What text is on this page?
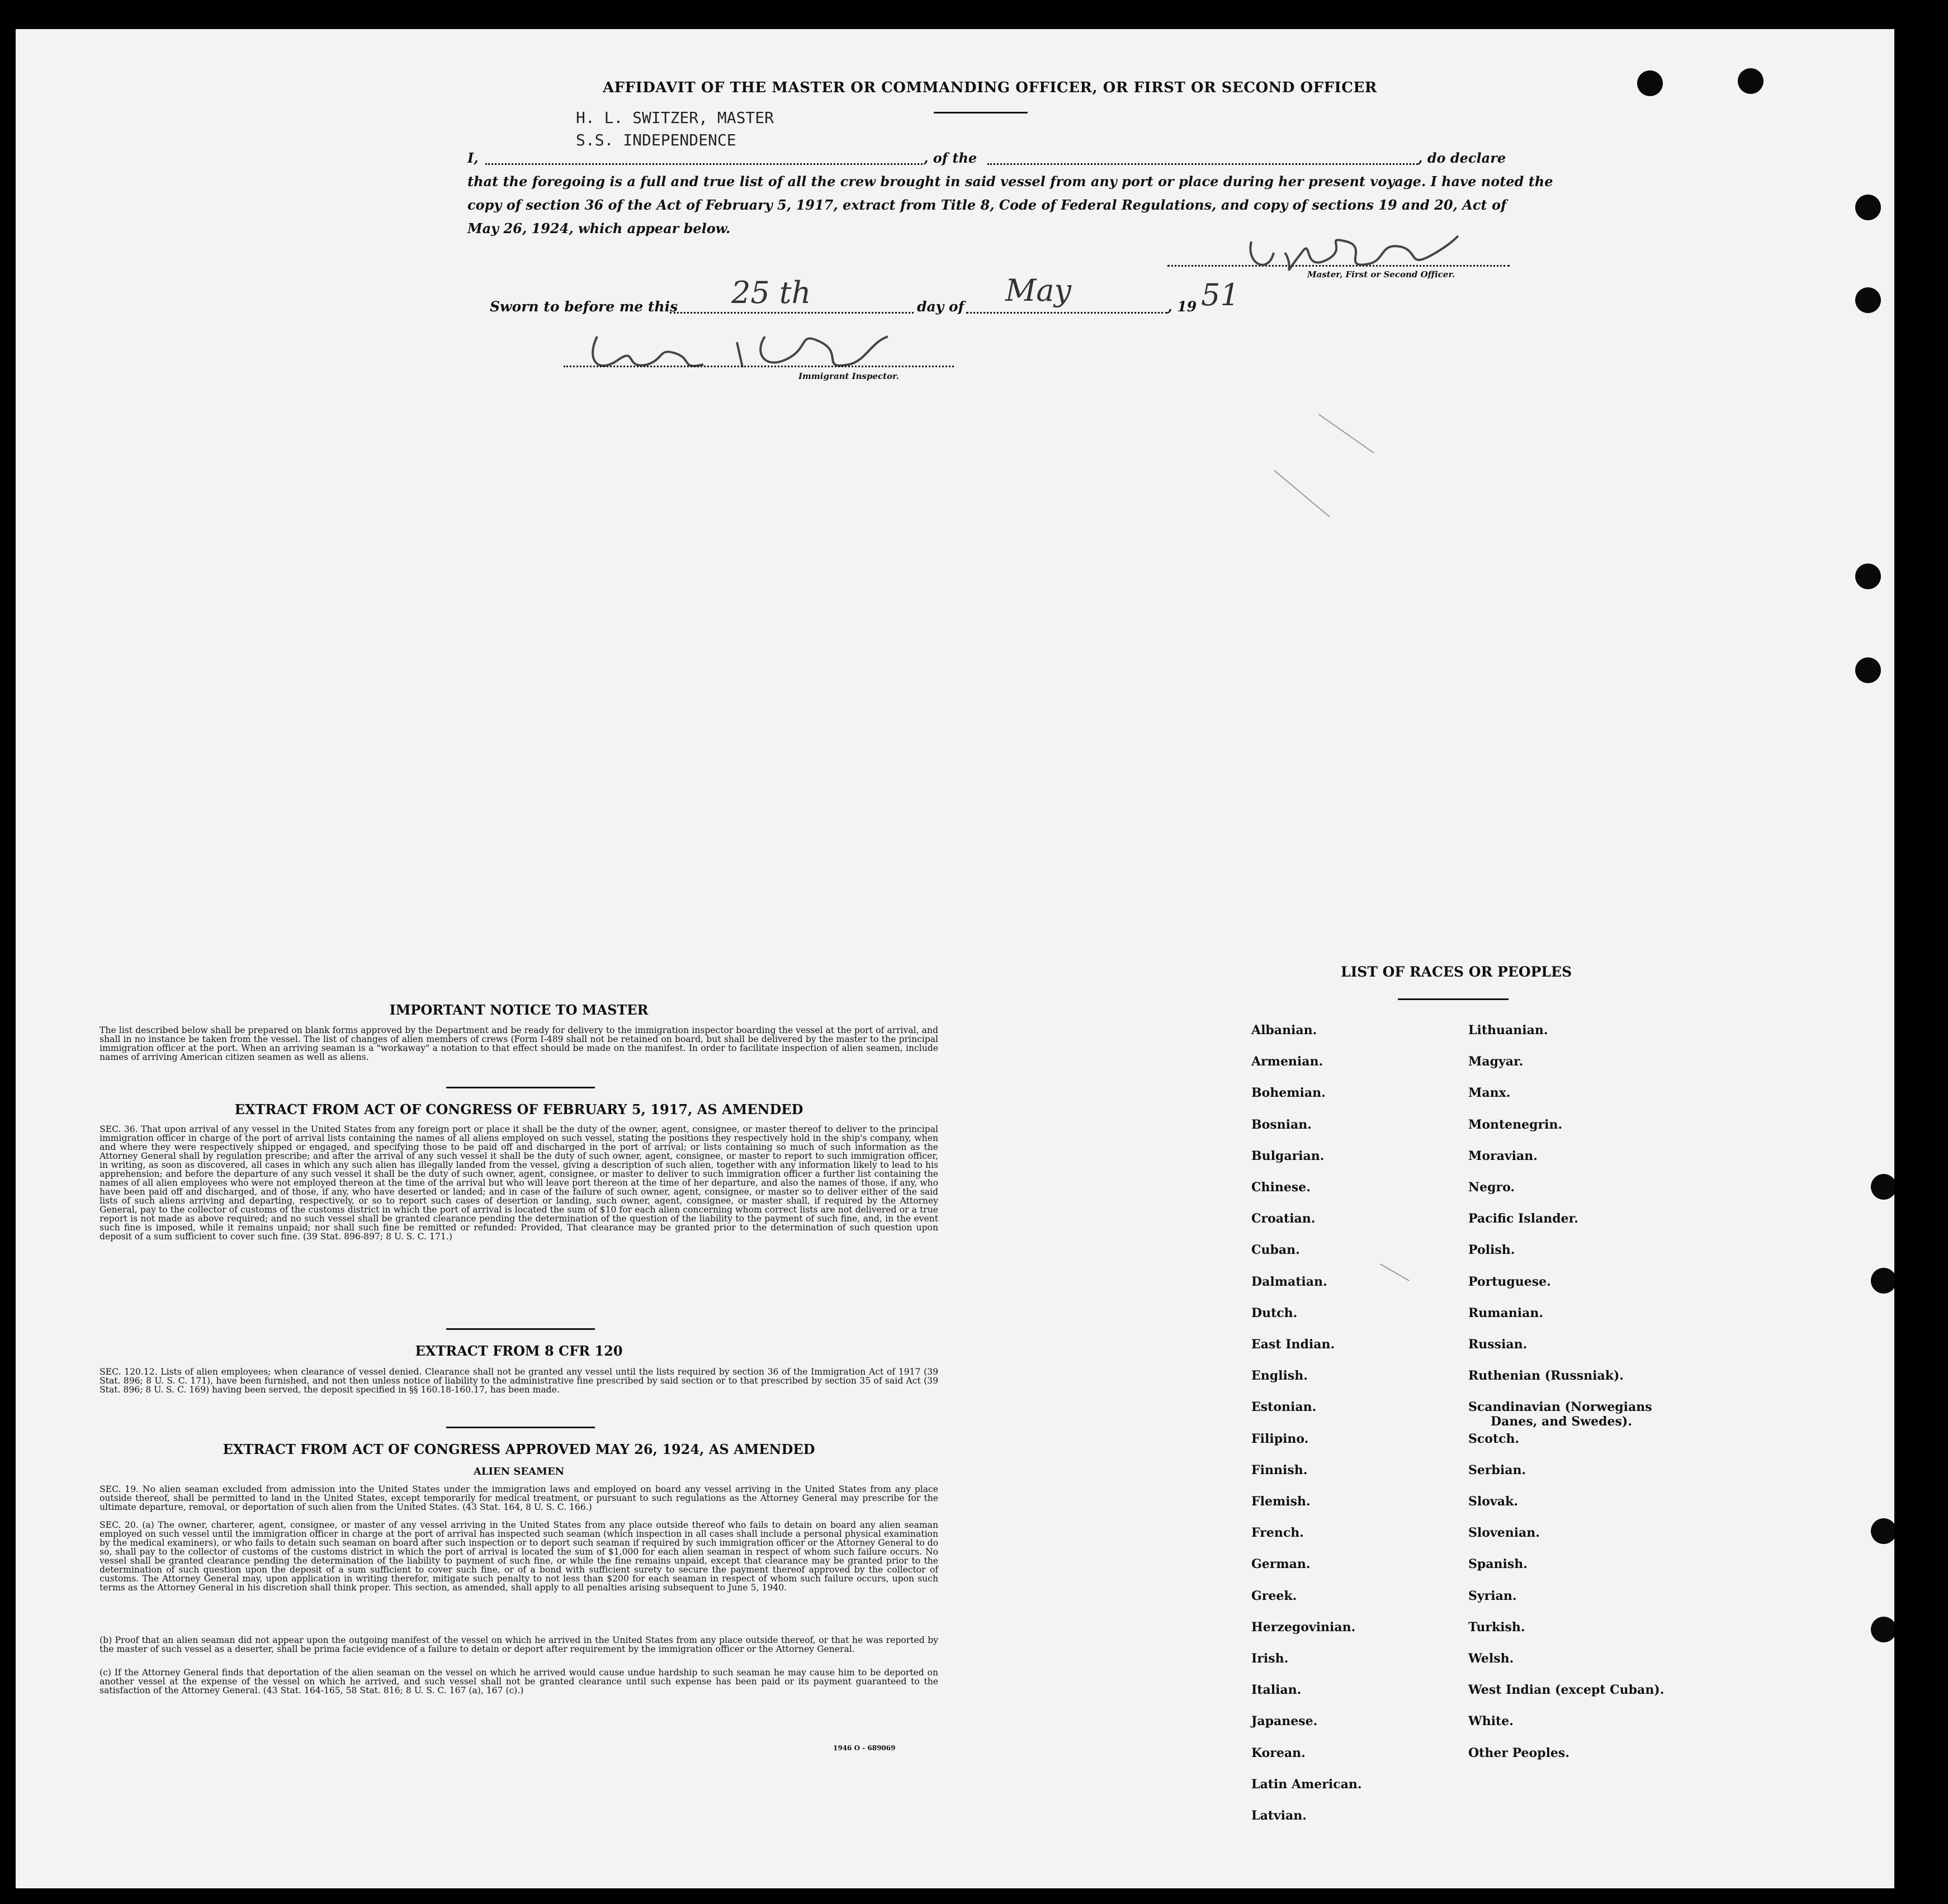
AFFIDAVIT OF THE MASTER OR COMMANDING OFFICER, OR FIRST OR SECOND OFFICER
H. L. SWITZER, MASTER
S.S. INDEPENDENCE
I,	, of the	, do declare
that the foregoing is a full and true list of all the crew brought in said vessel from any port or place during her present voyage. I have noted the
copy of section 36 of the Act of February 5, 1917, extract from Title 8, Code of Federal Regulations, and copy of sections 19 and 20, Act of
May 26, 1924, which appear below.
Master, First or Second Officer.
Sworn to before me this 25 th	day of May	, 19 51
Immigrant Inspector.
IMPORTANT NOTICE TO MASTER
The list described below shall be prepared on blank forms approved by the Department and be ready for delivery to the immigration inspector boarding the vessel at the port of arrival, and shall in no instance be taken from the vessel. The list of changes of alien members of crews (Form I-489 shall not be retained on board, but shall be delivered by the master to the principal immigration officer at the port. When an arriving seaman is a "workaway" a notation to that effect should be made on the manifest. In order to facilitate inspection of alien seamen, include names of arriving American citizen seamen as well as aliens.
EXTRACT FROM ACT OF CONGRESS OF FEBRUARY 5, 1917, AS AMENDED
SEC. 36. That upon arrival of any vessel in the United States from any foreign port or place it shall be the duty of the owner, agent, consignee, or master thereof to deliver to the principal immigration officer in charge of the port of arrival lists containing the names of all aliens employed on such vessel, stating the positions they respectively hold in the ship's company, when and where they were respectively shipped or engaged, and specifying those to be paid off and discharged in the port of arrival; or lists containing so much of such information as the Attorney General shall by regulation prescribe; and after the arrival of any such vessel it shall be the duty of such owner, agent, consignee, or master to report to such immigration officer, in writing, as soon as discovered, all cases in which any such alien has illegally landed from the vessel, giving a description of such alien, together with any information likely to lead to his apprehension; and before the departure of any such vessel it shall be the duty of such owner, agent, consignee, or master to deliver to such immigration officer a further list containing the names of all alien employees who were not employed thereon at the time of the arrival but who will leave port thereon at the time of her departure, and also the names of those, if any, who have been paid off and discharged, and of those, if any, who have deserted or landed; and in case of the failure of such owner, agent, consignee, or master so to deliver either of the said lists of such aliens arriving and departing, respectively, or so to report such cases of desertion or landing, such owner, agent, consignee, or master shall, if required by the Attorney General, pay to the collector of customs of the customs district in which the port of arrival is located the sum of $10 for each alien concerning whom correct lists are not delivered or a true report is not made as above required; and no such vessel shall be granted clearance pending the determination of the question of the liability to the payment of such fine, and, in the event such fine is imposed, while it remains unpaid; nor shall such fine be remitted or refunded: Provided, That clearance may be granted prior to the determination of such question upon deposit of a sum sufficient to cover such fine. (39 Stat. 896-897; 8 U. S. C. 171.)
EXTRACT FROM 8 CFR 120
SEC. 120.12. Lists of alien employees; when clearance of vessel denied. Clearance shall not be granted any vessel until the lists required by section 36 of the Immigration Act of 1917 (39 Stat. 896; 8 U. S. C. 171), have been furnished, and not then unless notice of liability to the administrative fine prescribed by said section or to that prescribed by section 35 of said Act (39 Stat. 896; 8 U. S. C. 169) having been served, the deposit specified in §§ 160.18-160.17, has been made.
EXTRACT FROM ACT OF CONGRESS APPROVED MAY 26, 1924, AS AMENDED
ALIEN SEAMEN
SEC. 19. No alien seaman excluded from admission into the United States under the immigration laws and employed on board any vessel arriving in the United States from any place outside thereof, shall be permitted to land in the United States, except temporarily for medical treatment, or pursuant to such regulations as the Attorney General may prescribe for the ultimate departure, removal, or deportation of such alien from the United States. (43 Stat. 164, 8 U. S. C. 166.)
SEC. 20. (a) The owner, charterer, agent, consignee, or master of any vessel arriving in the United States from any place outside thereof who fails to detain on board any alien seaman employed on such vessel until the immigration officer in charge at the port of arrival has inspected such seaman (which inspection in all cases shall include a personal physical examination by the medical examiners), or who fails to detain such seaman on board after such inspection or to deport such seaman if required by such immigration officer or the Attorney General to do so, shall pay to the collector of customs of the customs district in which the port of arrival is located the sum of $1,000 for each alien seaman in respect of whom such failure occurs. No vessel shall be granted clearance pending the determination of the liability to payment of such fine, or while the fine remains unpaid, except that clearance may be granted prior to the determination of such question upon the deposit of a sum sufficient to cover such fine, or of a bond with sufficient surety to secure the payment thereof approved by the collector of customs. The Attorney General may, upon application in writing therefor, mitigate such penalty to not less than $200 for each seaman in respect of whom such failure occurs, upon such terms as the Attorney General in his discretion shall think proper. This section, as amended, shall apply to all penalties arising subsequent to June 5, 1940.
(b) Proof that an alien seaman did not appear upon the outgoing manifest of the vessel on which he arrived in the United States from any place outside thereof, or that he was reported by the master of such vessel as a deserter, shall be prima facie evidence of a failure to detain or deport after requirement by the immigration officer or the Attorney General.
(c) If the Attorney General finds that deportation of the alien seaman on the vessel on which he arrived would cause undue hardship to such seaman he may cause him to be deported on another vessel at the expense of the vessel on which he arrived, and such vessel shall not be granted clearance until such expense has been paid or its payment guaranteed to the satisfaction of the Attorney General. (43 Stat. 164-165, 58 Stat. 816; 8 U. S. C. 167 (a), 167 (c).)
1946 O - 689069
LIST OF RACES OR PEOPLES
Albanian.
Armenian.
Bohemian.
Bosnian.
Bulgarian.
Chinese.
Croatian.
Cuban.
Dalmatian.
Dutch.
East Indian.
English.
Estonian.
Filipino.
Finnish.
Flemish.
French.
German.
Greek.
Herzegovinian.
Irish.
Italian.
Japanese.
Korean.
Latin American.
Latvian.
Lithuanian.
Magyar.
Manx.
Montenegrin.
Moravian.
Negro.
Pacific Islander.
Polish.
Portuguese.
Rumanian.
Russian.
Ruthenian (Russniak).
Scandinavian (Norwegians
Danes, and Swedes).
Scotch.
Serbian.
Slovak.
Slovenian.
Spanish.
Syrian.
Turkish.
Welsh.
West Indian (except Cuban).
White.
Other Peoples.
